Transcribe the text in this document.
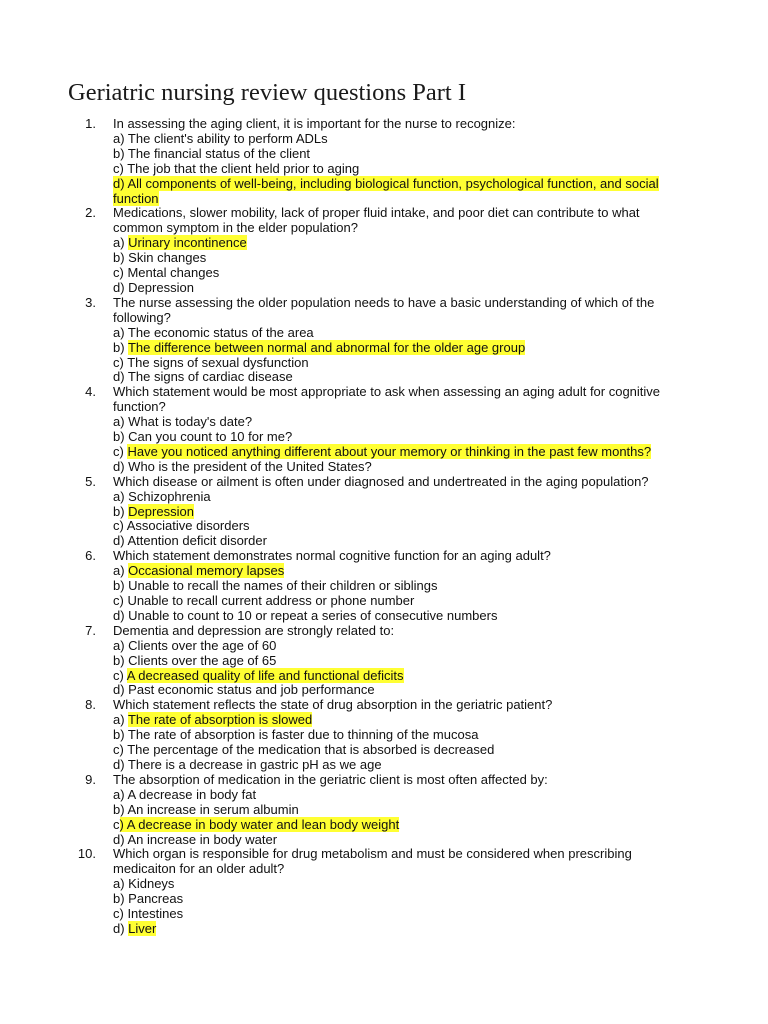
Geriatric nursing review questions Part I
1. In assessing the aging client, it is important for the nurse to recognize:
a) The client's ability to perform ADLs
b) The financial status of the client
c) The job that the client held prior to aging
d) All components of well-being, including biological function, psychological function, and social
function
2. Medications, slower mobility, lack of proper fluid intake, and poor diet can contribute to what
common symptom in the elder population?
a) Urinary incontinence
b) Skin changes
c) Mental changes
d) Depression
3. The nurse assessing the older population needs to have a basic understanding of which of the
following?
a) The economic status of the area
b) The difference between normal and abnormal for the older age group
c) The signs of sexual dysfunction
d) The signs of cardiac disease
4. Which statement would be most appropriate to ask when assessing an aging adult for cognitive
function?
a) What is today's date?
b) Can you count to 10 for me?
c) Have you noticed anything different about your memory or thinking in the past few months?
d) Who is the president of the United States?
5. Which disease or ailment is often under diagnosed and undertreated in the aging population?
a) Schizophrenia
b) Depression
c) Associative disorders
d) Attention deficit disorder
6. Which statement demonstrates normal cognitive function for an aging adult?
a) Occasional memory lapses
b) Unable to recall the names of their children or siblings
c) Unable to recall current address or phone number
d) Unable to count to 10 or repeat a series of consecutive numbers
7. Dementia and depression are strongly related to:
a) Clients over the age of 60
b) Clients over the age of 65
c) A decreased quality of life and functional deficits
d) Past economic status and job performance
8. Which statement reflects the state of drug absorption in the geriatric patient?
a) The rate of absorption is slowed
b) The rate of absorption is faster due to thinning of the mucosa
c) The percentage of the medication that is absorbed is decreased
d) There is a decrease in gastric pH as we age
9. The absorption of medication in the geriatric client is most often affected by:
a) A decrease in body fat
b) An increase in serum albumin
c) A decrease in body water and lean body weight
d) An increase in body water
10. Which organ is responsible for drug metabolism and must be considered when prescribing
medicaiton for an older adult?
a) Kidneys
b) Pancreas
c) Intestines
d) Liver
